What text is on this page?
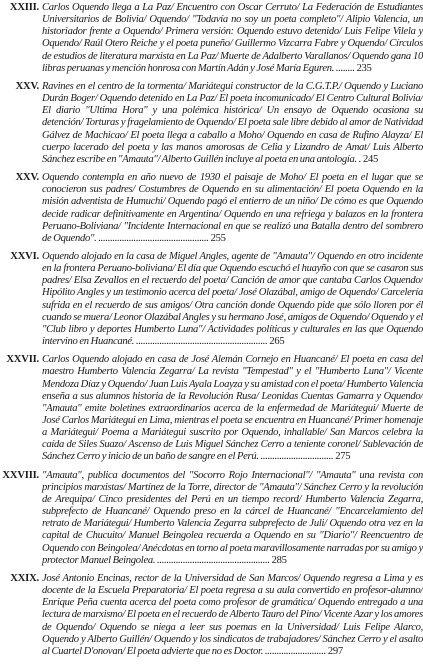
XXIII. Carlos Oquendo llega a La Paz/ Encuentro con Oscar Cerruto/ La Federación de Estudiantes Universitarios de Bolivia/ Oquendo/ "Todavía no soy un poeta completo"/ Alipio Valencia, un historiador frente a Oquendo/ Primera versión: Oquendo estuvo detenido/ Luis Felipe Vilela y Oquendo/ Raúl Otero Reiche y el poeta puneño/ Guillermo Vizcarra Fabre y Oquendo/ Círculos de estudios de literatura marxista en La Paz/ Muerte de Adalberto Varallanos/ Oquendo gana 10 libras peruanas y mención honrosa con Martín Adán y José María Eguren. ........ 235
XXV. Ravines en el centro de la tormenta/ Mariátegui constructor de la C.G.T.P./ Oquendo y Luciano Durán Boger/ Oquendo detenido en La Paz/ El poeta incomunicado/ El Centro Cultural Bolivia/ El diario "Ultima Hora" y una polémica histórica/ Un ensayo de Oquendo ocasiona su detención/ Torturas y fragelamiento de Oquendo/ El poeta sale libre debido al amor de Natividad Gálvez de Machicao/ El poeta llega a caballo a Moho/ Oquendo en casa de Rufino Alayza/ El cuerpo lacerado del poeta y las manos amorosas de Celia y Lizandro de Amat/ Luis Alberto Sánchez escribe en "Amauta"/ Alberto Guillén incluye al poeta en una antología. . 245
XXV. Oquendo contempla en año nuevo de 1930 el paisaje de Moho/ El poeta en el lugar que se conocieron sus padres/ Costumbres de Oquendo en su alimentación/ El poeta Oquendo en la misión adventista de Humuchi/ Oquendo pagó el entierro de un niño/ De cómo es que Oquendo decide radicar definitivamente en Argentina/ Oquendo en una refriega y balazos en la frontera Peruano-Boliviana/ "Incidente Internacional en que se realizó una Batalla dentro del sombrero de Oquendo". ............................................... 255
XXVI. Oquendo alojado en la casa de Miguel Angles, agente de "Amauta"/ Oquendo en otro incidente en la frontera Peruano-boliviana/ El día que Oquendo escuchó el huayño con que se casaron sus padres/ Elsa Zevallos en el recuerdo del poeta/ Canción de amor que cantaba Carlos Oquendo/ Hipólito Angles y un testimonio acerca del poeta/ José Olazábal, amigo de Oquendo/ Carcelería sufrida en el recuerdo de sus amigos/ Otra canción donde Oquendo pide que sólo lloren por él cuando se muera/ Leonor Olazábal Angles y su hermano José, amigos de Oquendo/ Oquendo y el "Club libro y deportes Humberto Luna"/ Actividades políticas y culturales en las que Oquendo intervino en Huancané. ........................................................ 265
XXVII. Carlos Oquendo alojado en casa de José Alemán Cornejo en Huancané/ El poeta en casa del maestro Humberto Valencia Zegarra/ La revista "Tempestad" y el "Humberto Luna"/ Vicente Mendoza Díaz y Oquendo/ Juan Luis Ayala Loayza y su amistad con el poeta/ Humberto Valencia enseña a sus alumnos historia de la Revolución Rusa/ Leonidas Cuentas Gamarra y Oquendo/ "Amauta" emite boletines extraordinarios acerca de la enfermedad de Mariátegui/ Muerte de José Carlos Mariátegui en Lima, mientras el poeta se encuentra en Huancané/ Primer homenaje a Mariátegui/ Poema a Mariátegui suscrito por Oquendo, inhallable/ San Marcos celebra la caída de Siles Suazo/ Ascenso de Luis Miguel Sánchez Cerro a teniente coronel/ Sublevación de Sánchez Cerro y inicio de un baño de sangre en el Perú. ............................... 275
XXVIII. "Amauta", publica documentos del "Socorro Rojo Internacional"/ "Amauta" una revista con principios marxistas/ Martínez de la Torre, director de "Amauta"/ Sánchez Cerro y la revolución de Arequipa/ Cinco presidentes del Perú en un tiempo record/ Humberto Valencia Zegarra, subprefecto de Huancané/ Oquendo preso en la cárcel de Huancané/ "Encarcelamiento del retrato de Mariátegui/ Humberto Valencia Zegarra subprefecto de Juli/ Oquendo otra vez en la capital de Chucuito/ Manuel Beingolea recuerda a Oquendo en su "Diario"/ Reencuentro de Oquendo con Beingolea/ Anécdotas en torno al poeta maravillosamente narradas por su amigo y protector Manuel Beingolea. ................................................ 285
XXIX. José Antonio Encinas, rector de la Universidad de San Marcos/ Oquendo regresa a Lima y es docente de la Escuela Preparatoria/ El poeta regresa a su aula convertido en profesor-alumno/ Enrique Peña cuenta acerca del poeta como profesor de gramática/ Oquendo entregado a una lectura de marxismo/ El poeta en el recuerdo de Alberto Tauro del Pino/ Vicente Azar y los amores de Oquendo/ Oquendo se niega a leer sus poemas en la Universidad/ Luis Felipe Alarco, Oquendo y Alberto Guillén/ Oquendo y los sindicatos de trabajadores/ Sánchez Cerro y el asalto al Cuartel D'onovan/ El poeta advierte que no es Doctor. .......................... 297
